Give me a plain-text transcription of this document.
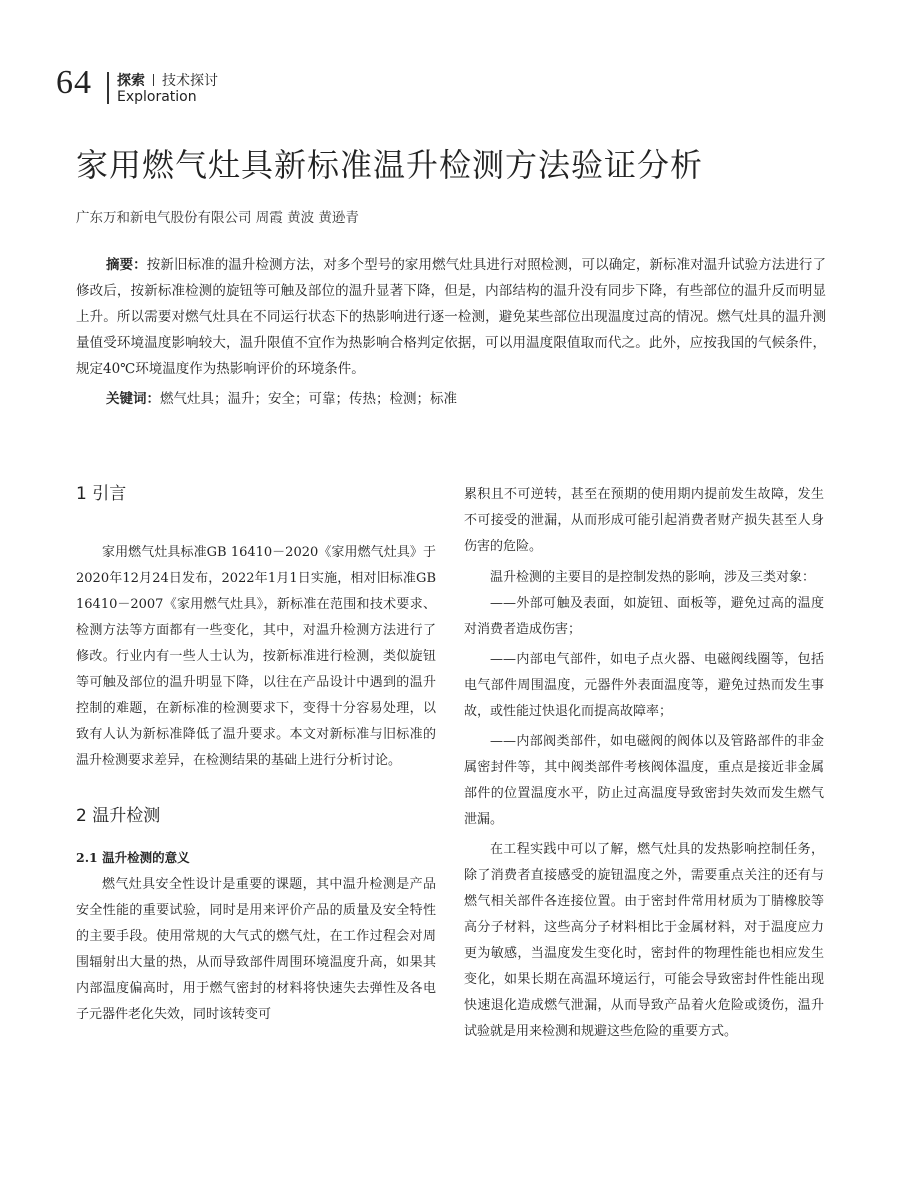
64 探索 技术探讨
Exploration
家用燃气灶具新标准温升检测方法验证分析
广东万和新电气股份有限公司 周霞 黄波 黄逊青

摘要：按新旧标准的温升检测方法，对多个型号的家用燃气灶具进行对照检测，可以确定，新标准对温升试验方法进行了修改后，按新标准检测的旋钮等可触及部位的温升显著下降，但是，内部结构的温升没有同步下降，有些部位的温升反而明显上升。所以需要对燃气灶具在不同运行状态下的热影响进行逐一检测，避免某些部位出现温度过高的情况。燃气灶具的温升测量值受环境温度影响较大，温升限值不宜作为热影响合格判定依据，可以用温度限值取而代之。此外，应按我国的气候条件，规定40℃环境温度作为热影响评价的环境条件。

关键词：燃气灶具；温升；安全；可靠；传热；检测；标准

1 引言

家用燃气灶具标准GB 16410－2020《家用燃气灶具》于2020年12月24日发布，2022年1月1日实施，相对旧标准GB 16410－2007《家用燃气灶具》，新标准在范围和技术要求、检测方法等方面都有一些变化，其中，对温升检测方法进行了修改。行业内有一些人士认为，按新标准进行检测，类似旋钮等可触及部位的温升明显下降，以往在产品设计中遇到的温升控制的难题，在新标准的检测要求下，变得十分容易处理，以致有人认为新标准降低了温升要求。本文对新标准与旧标准的温升检测要求差异，在检测结果的基础上进行分析讨论。

2 温升检测
2.1 温升检测的意义

燃气灶具安全性设计是重要的课题，其中温升检测是产品安全性能的重要试验，同时是用来评价产品的质量及安全特性的主要手段。使用常规的大气式的燃气灶，在工作过程会对周围辐射出大量的热，从而导致部件周围环境温度升高，如果其内部温度偏高时，用于燃气密封的材料将快速失去弹性及各电子元器件老化失效，同时该转变可

累积且不可逆转，甚至在预期的使用期内提前发生故障，发生不可接受的泄漏，从而形成可能引起消费者财产损失甚至人身伤害的危险。

温升检测的主要目的是控制发热的影响，涉及三类对象：

——外部可触及表面，如旋钮、面板等，避免过高的温度对消费者造成伤害；

——内部电气部件，如电子点火器、电磁阀线圈等，包括电气部件周围温度，元器件外表面温度等，避免过热而发生事故，或性能过快退化而提高故障率；

——内部阀类部件，如电磁阀的阀体以及管路部件的非金属密封件等，其中阀类部件考核阀体温度，重点是接近非金属部件的位置温度水平，防止过高温度导致密封失效而发生燃气泄漏。

在工程实践中可以了解，燃气灶具的发热影响控制任务，除了消费者直接感受的旋钮温度之外，需要重点关注的还有与燃气相关部件各连接位置。由于密封件常用材质为丁腈橡胶等高分子材料，这些高分子材料相比于金属材料，对于温度应力更为敏感，当温度发生变化时，密封件的物理性能也相应发生变化，如果长期在高温环境运行，可能会导致密封件性能出现快速退化造成燃气泄漏，从而导致产品着火危险或烫伤，温升试验就是用来检测和规避这些危险的重要方式。
